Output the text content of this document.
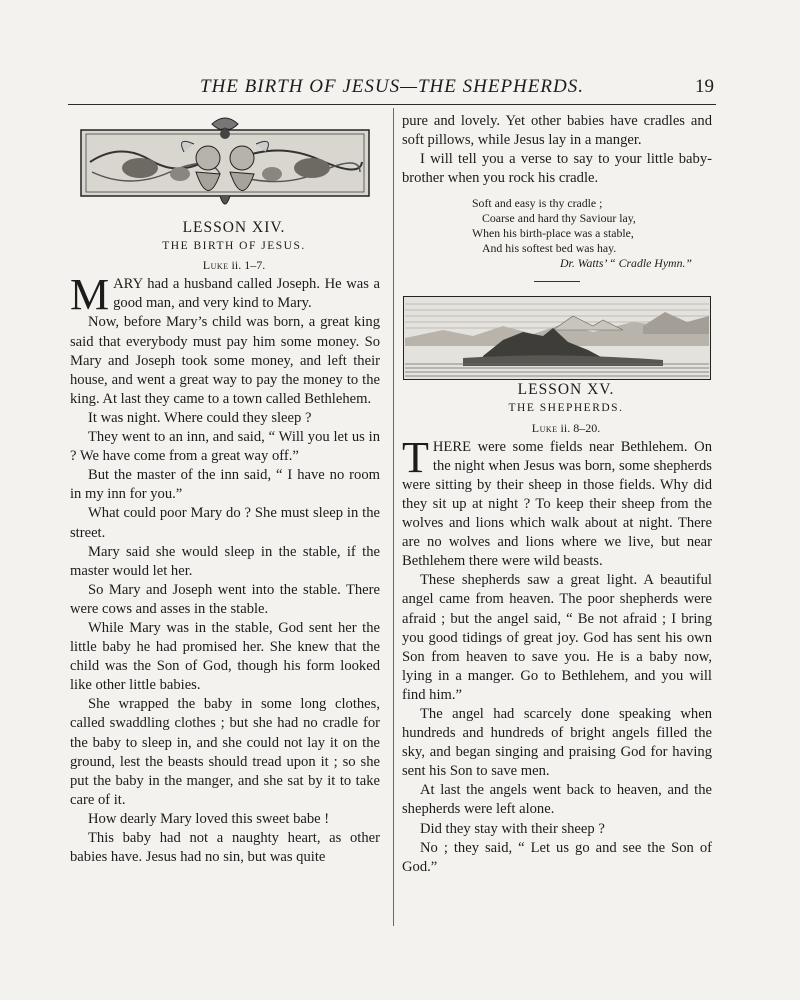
THE BIRTH OF JESUS—THE SHEPHERDS.	19

LESSON XIV.

THE BIRTH OF JESUS.

Luke ii. 1–7.

MARY had a husband called Joseph. He was a good man, and very kind to Mary.

Now, before Mary’s child was born, a great king said that everybody must pay him some money. So Mary and Joseph took some money, and left their house, and went a great way to pay the money to the king. At last they came to a town called Bethlehem.

It was night. Where could they sleep ?

They went to an inn, and said, “ Will you let us in ? We have come from a great way off.”

But the master of the inn said, “ I have no room in my inn for you.”

What could poor Mary do ? She must sleep in the street.

Mary said she would sleep in the stable, if the master would let her.

So Mary and Joseph went into the stable. There were cows and asses in the stable.

While Mary was in the stable, God sent her the little baby he had promised her. She knew that the child was the Son of God, though his form looked like other little babies.

She wrapped the baby in some long clothes, called swaddling clothes ; but she had no cradle for the baby to sleep in, and she could not lay it on the ground, lest the beasts should tread upon it ; so she put the baby in the manger, and she sat by it to take care of it.

How dearly Mary loved this sweet babe !

This baby had not a naughty heart, as other babies have. Jesus had no sin, but was quite

pure and lovely. Yet other babies have cradles and soft pillows, while Jesus lay in a manger.

I will tell you a verse to say to your little baby-brother when you rock his cradle.

Soft and easy is thy cradle ;
Coarse and hard thy Saviour lay,
When his birth-place was a stable,
And his softest bed was hay.
Dr. Watts’ “ Cradle Hymn.”

LESSON XV.

THE SHEPHERDS.

Luke ii. 8–20.

THERE were some fields near Bethlehem. On the night when Jesus was born, some shepherds were sitting by their sheep in those fields. Why did they sit up at night ? To keep their sheep from the wolves and lions which walk about at night. There are no wolves and lions where we live, but near Bethlehem there were wild beasts.

These shepherds saw a great light. A beautiful angel came from heaven. The poor shepherds were afraid ; but the angel said, “ Be not afraid ; I bring you good tidings of great joy. God has sent his own Son from heaven to save you. He is a baby now, lying in a manger. Go to Bethlehem, and you will find him.”

The angel had scarcely done speaking when hundreds and hundreds of bright angels filled the sky, and began singing and praising God for having sent his Son to save men.

At last the angels went back to heaven, and the shepherds were left alone.

Did they stay with their sheep ?

No ; they said, “ Let us go and see the Son of God.”
